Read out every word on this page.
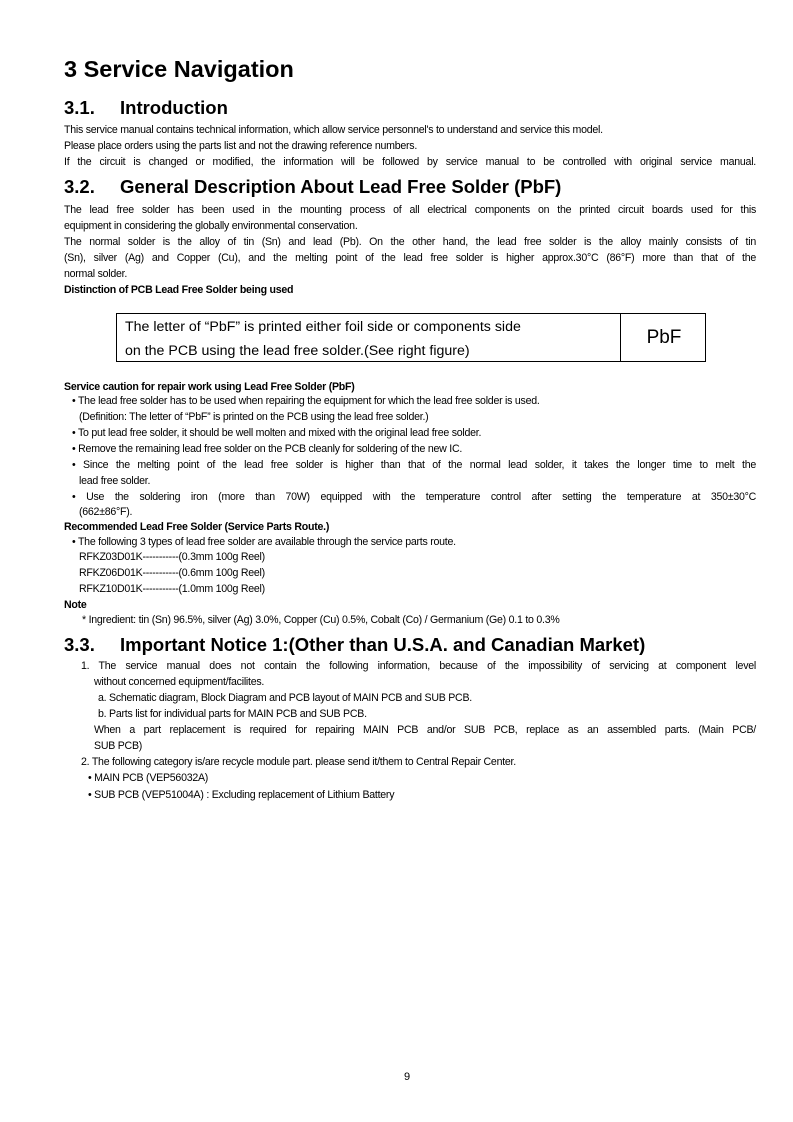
3 Service Navigation
3.1. Introduction
This service manual contains technical information, which allow service personnel's to understand and service this model.
Please place orders using the parts list and not the drawing reference numbers.
If the circuit is changed or modified, the information will be followed by service manual to be controlled with original service manual.
3.2. General Description About Lead Free Solder (PbF)
The lead free solder has been used in the mounting process of all electrical components on the printed circuit boards used for this
equipment in considering the globally environmental conservation.
The normal solder is the alloy of tin (Sn) and lead (Pb). On the other hand, the lead free solder is the alloy mainly consists of tin
(Sn), silver (Ag) and Copper (Cu), and the melting point of the lead free solder is higher approx.30°C (86°F) more than that of the
normal solder.
Distinction of PCB Lead Free Solder being used
The letter of “PbF” is printed either foil side or components side
on the PCB using the lead free solder.(See right figure)
PbF
Service caution for repair work using Lead Free Solder (PbF)
• The lead free solder has to be used when repairing the equipment for which the lead free solder is used.
(Definition: The letter of “PbF” is printed on the PCB using the lead free solder.)
• To put lead free solder, it should be well molten and mixed with the original lead free solder.
• Remove the remaining lead free solder on the PCB cleanly for soldering of the new IC.
• Since the melting point of the lead free solder is higher than that of the normal lead solder, it takes the longer time to melt the
lead free solder.
• Use the soldering iron (more than 70W) equipped with the temperature control after setting the temperature at 350±30°C
(662±86°F).
Recommended Lead Free Solder (Service Parts Route.)
• The following 3 types of lead free solder are available through the service parts route.
RFKZ03D01K-----------(0.3mm 100g Reel)
RFKZ06D01K-----------(0.6mm 100g Reel)
RFKZ10D01K-----------(1.0mm 100g Reel)
Note
* Ingredient: tin (Sn) 96.5%, silver (Ag) 3.0%, Copper (Cu) 0.5%, Cobalt (Co) / Germanium (Ge) 0.1 to 0.3%
3.3. Important Notice 1:(Other than U.S.A. and Canadian Market)
1. The service manual does not contain the following information, because of the impossibility of servicing at component level
without concerned equipment/facilites.
a. Schematic diagram, Block Diagram and PCB layout of MAIN PCB and SUB PCB.
b. Parts list for individual parts for MAIN PCB and SUB PCB.
When a part replacement is required for repairing MAIN PCB and/or SUB PCB, replace as an assembled parts. (Main PCB/
SUB PCB)
2. The following category is/are recycle module part. please send it/them to Central Repair Center.
• MAIN PCB (VEP56032A)
• SUB PCB (VEP51004A) : Excluding replacement of Lithium Battery
9
